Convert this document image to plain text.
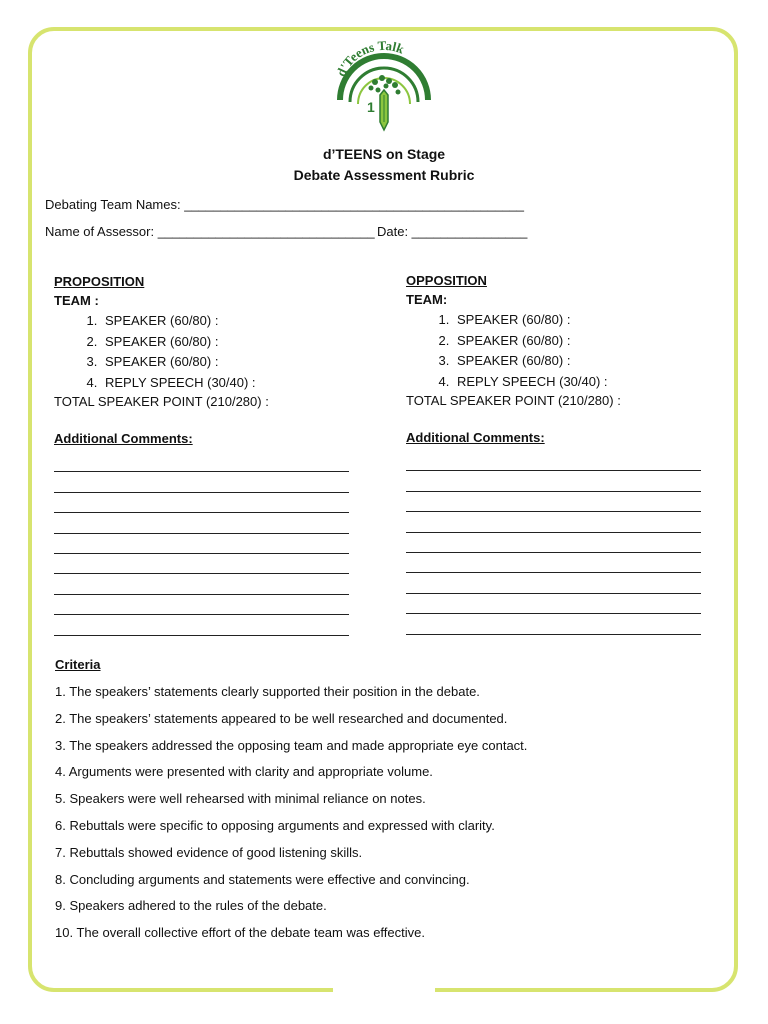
d'Teens Talk
1
d’TEENS on Stage
Debate Assessment Rubric
Debating Team Names: _______________________________________________
Name of Assessor: ______________________________ Date: ________________
PROPOSITION
TEAM :
1. SPEAKER (60/80) :
2. SPEAKER (60/80) :
3. SPEAKER (60/80) :
4. REPLY SPEECH (30/40) :
TOTAL SPEAKER POINT (210/280) :
Additional Comments:
OPPOSITION
TEAM:
1. SPEAKER (60/80) :
2. SPEAKER (60/80) :
3. SPEAKER (60/80) :
4. REPLY SPEECH (30/40) :
TOTAL SPEAKER POINT (210/280) :
Additional Comments:
Criteria
1. The speakers’ statements clearly supported their position in the debate.
2. The speakers’ statements appeared to be well researched and documented.
3. The speakers addressed the opposing team and made appropriate eye contact.
4. Arguments were presented with clarity and appropriate volume.
5. Speakers were well rehearsed with minimal reliance on notes.
6. Rebuttals were specific to opposing arguments and expressed with clarity.
7. Rebuttals showed evidence of good listening skills.
8. Concluding arguments and statements were effective and convincing.
9. Speakers adhered to the rules of the debate.
10. The overall collective effort of the debate team was effective.
